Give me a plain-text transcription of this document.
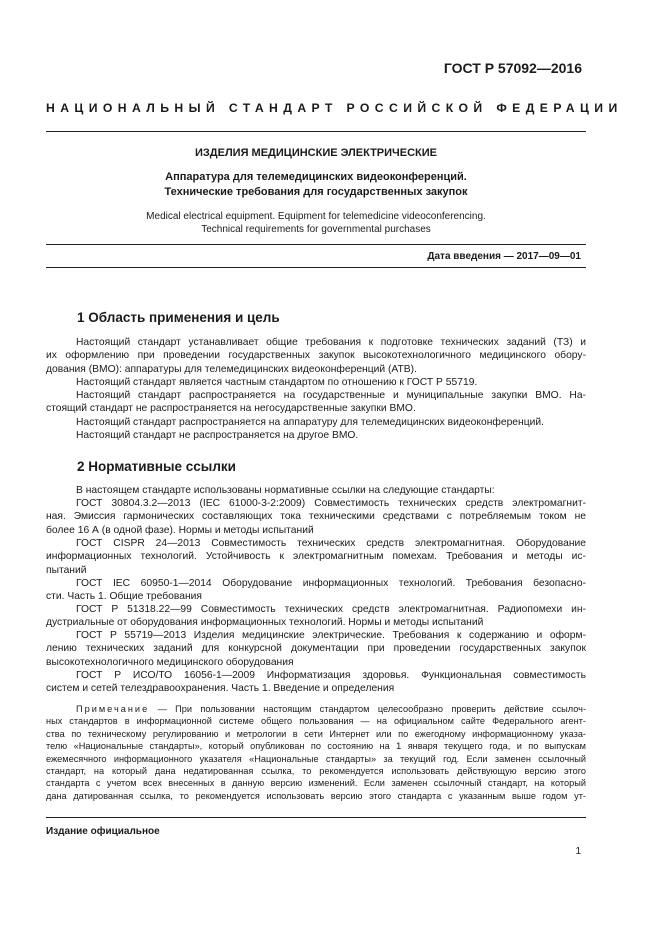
ГОСТ Р 57092—2016
НАЦИОНАЛЬНЫЙ СТАНДАРТ РОССИЙСКОЙ ФЕДЕРАЦИИ
ИЗДЕЛИЯ МЕДИЦИНСКИЕ ЭЛЕКТРИЧЕСКИЕ
Аппаратура для телемедицинских видеоконференций.
Технические требования для государственных закупок
Medical electrical equipment. Equipment for telemedicine videoconferencing.
Technical requirements for governmental purchases
Дата введения — 2017—09—01
1 Область применения и цель
Настоящий стандарт устанавливает общие требования к подготовке технических заданий (ТЗ) и
их оформлению при проведении государственных закупок высокотехнологичного медицинского обору-
дования (ВМО): аппаратуры для телемедицинских видеоконференций (АТВ).
Настоящий стандарт является частным стандартом по отношению к ГОСТ Р 55719.
Настоящий стандарт распространяется на государственные и муниципальные закупки ВМО. На-
стоящий стандарт не распространяется на негосударственные закупки ВМО.
Настоящий стандарт распространяется на аппаратуру для телемедицинских видеоконференций.
Настоящий стандарт не распространяется на другое ВМО.
2 Нормативные ссылки
В настоящем стандарте использованы нормативные ссылки на следующие стандарты:
ГОСТ 30804.3.2—2013 (IEC 61000-3-2:2009) Совместимость технических средств электромагнит-
ная. Эмиссия гармонических составляющих тока техническими средствами с потребляемым током не
более 16 А (в одной фазе). Нормы и методы испытаний
ГОСТ CISPR 24—2013 Совместимость технических средств электромагнитная. Оборудование
информационных технологий. Устойчивость к электромагнитным помехам. Требования и методы ис-
пытаний
ГОСТ IEC 60950-1—2014 Оборудование информационных технологий. Требования безопасно-
сти. Часть 1. Общие требования
ГОСТ Р 51318.22—99 Совместимость технических средств электромагнитная. Радиопомехи ин-
дустриальные от оборудования информационных технологий. Нормы и методы испытаний
ГОСТ Р 55719—2013 Изделия медицинские электрические. Требования к содержанию и оформ-
лению технических заданий для конкурсной документации при проведении государственных закупок
высокотехнологичного медицинского оборудования
ГОСТ Р ИСО/ТО 16056-1—2009 Информатизация здоровья. Функциональная совместимость
систем и сетей телездравоохранения. Часть 1. Введение и определения
Примечание — При пользовании настоящим стандартом целесообразно проверить действие ссылоч-
ных стандартов в информационной системе общего пользования — на официальном сайте Федерального агент-
ства по техническому регулированию и метрологии в сети Интернет или по ежегодному информационному указа-
телю «Национальные стандарты», который опубликован по состоянию на 1 января текущего года, и по выпускам
ежемесячного информационного указателя «Национальные стандарты» за текущий год. Если заменен ссылочный
стандарт, на который дана недатированная ссылка, то рекомендуется использовать действующую версию этого
стандарта с учетом всех внесенных в данную версию изменений. Если заменен ссылочный стандарт, на который
дана датированная ссылка, то рекомендуется использовать версию этого стандарта с указанным выше годом ут-
Издание официальное
1
